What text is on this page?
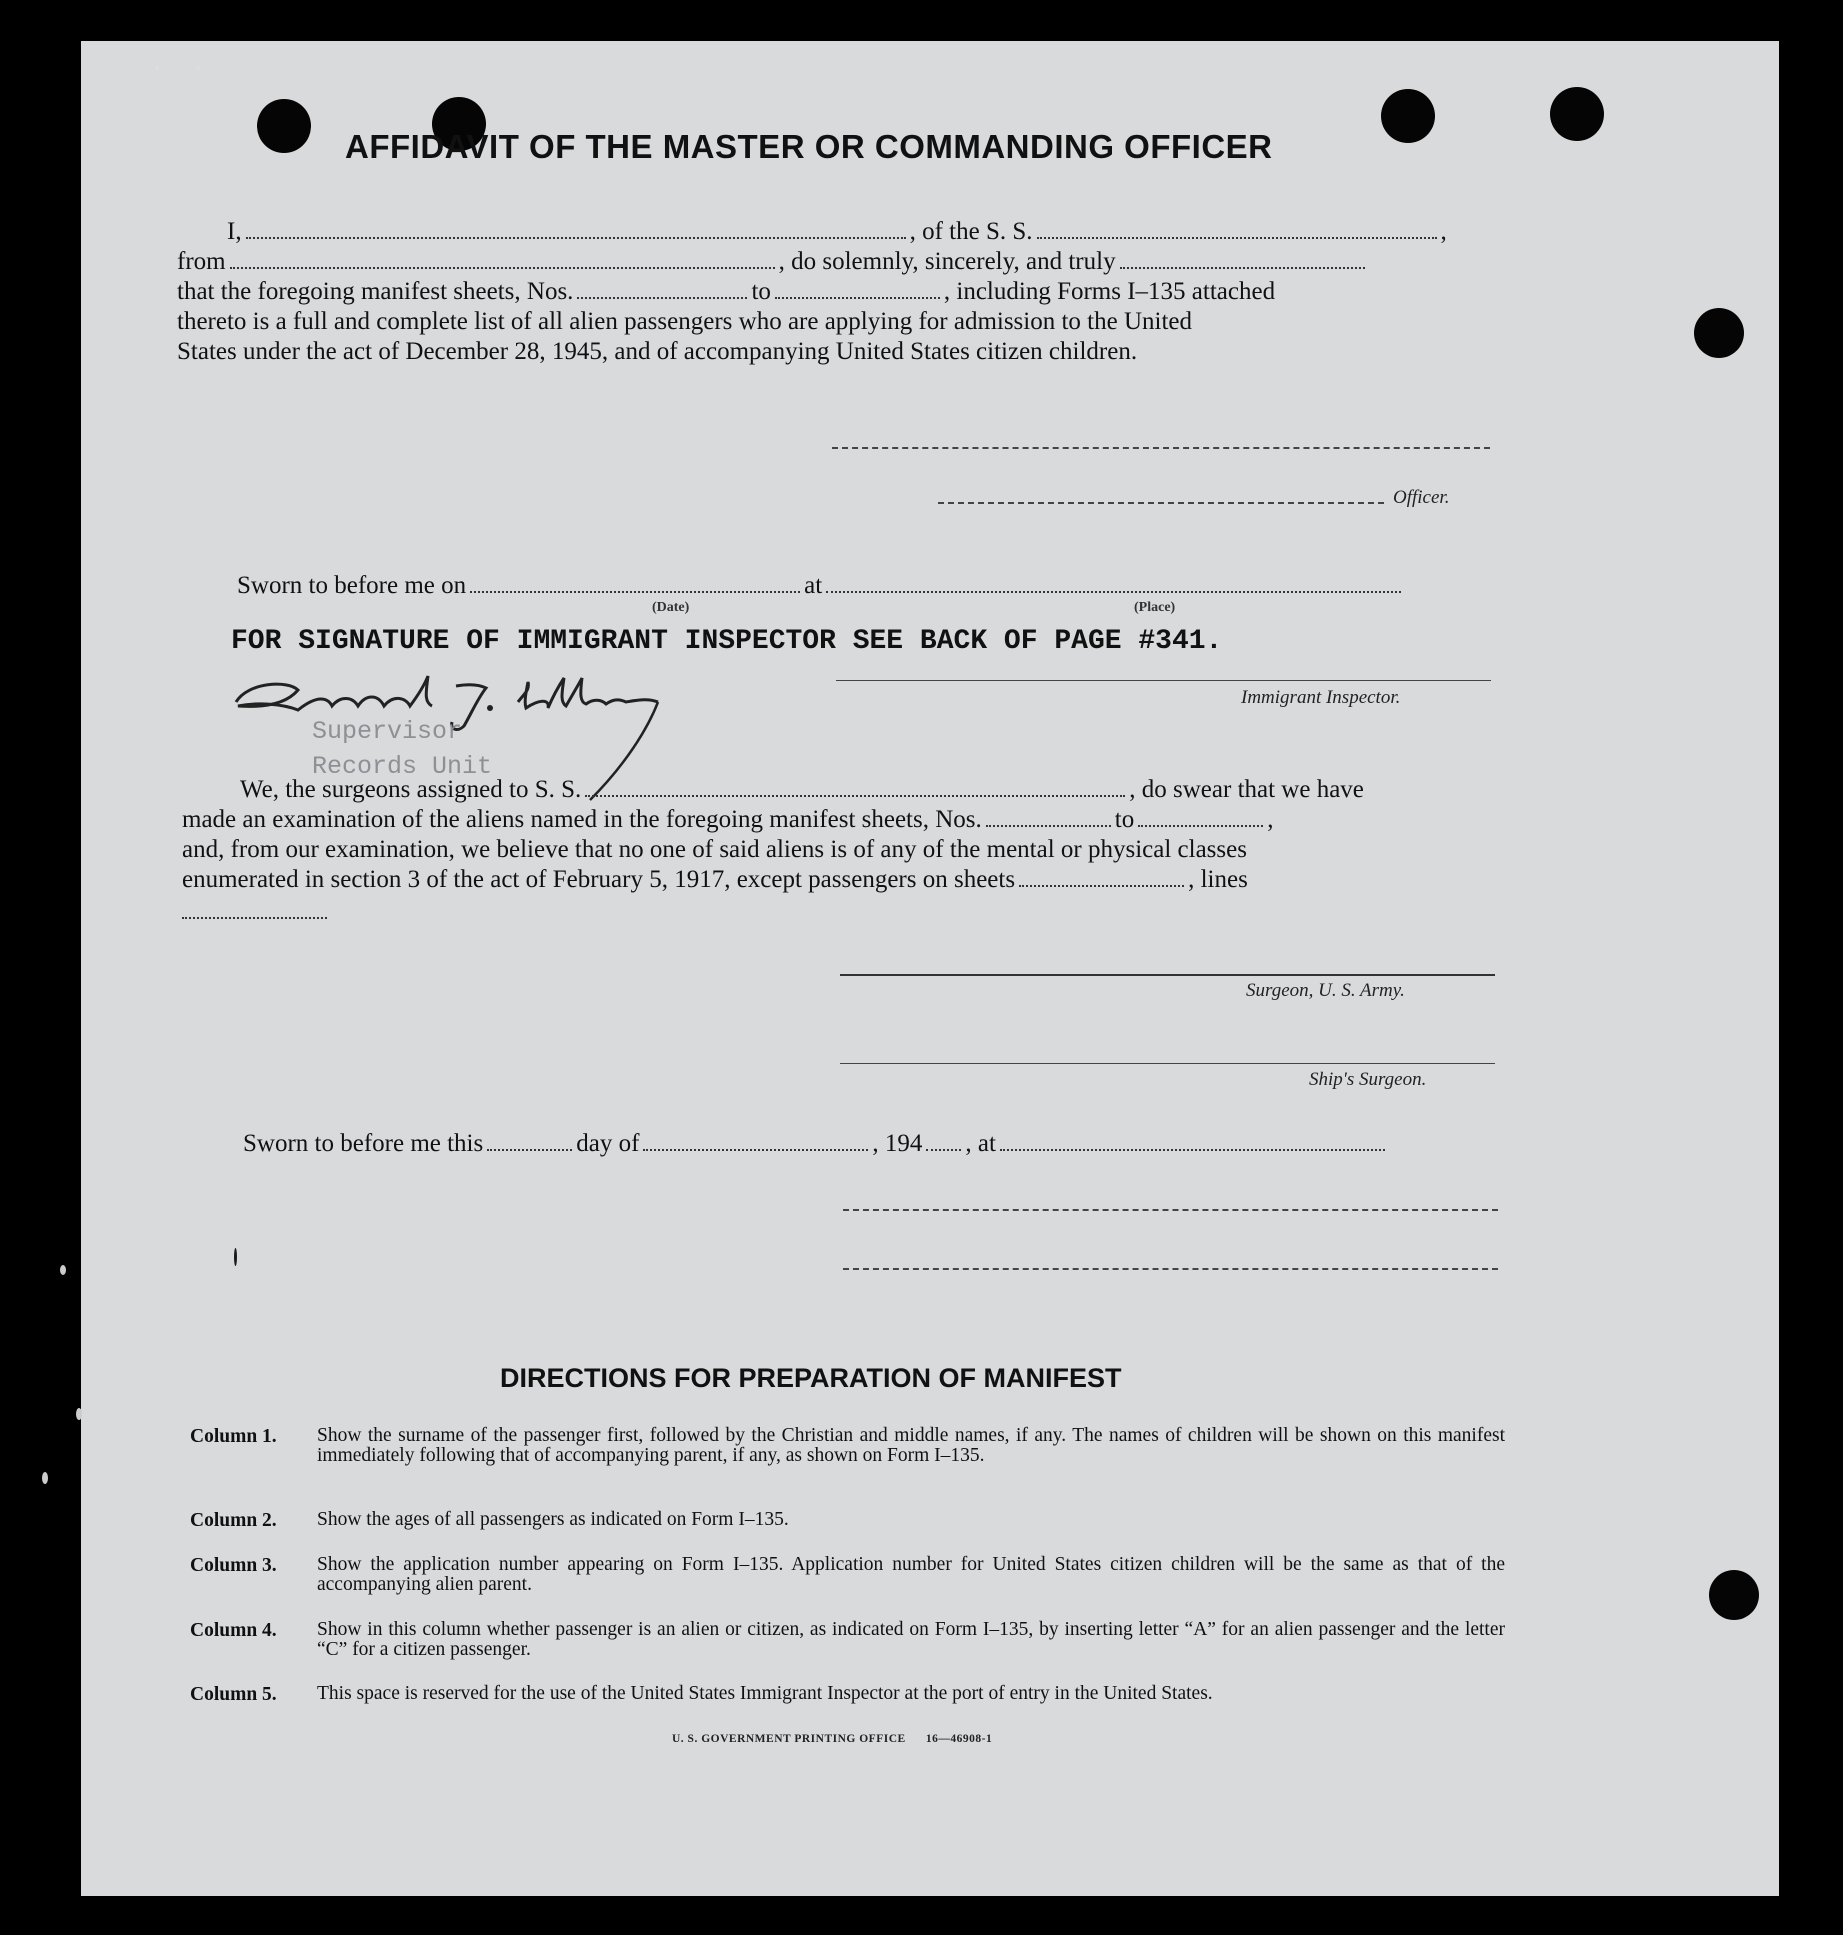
AFFIDAVIT OF THE MASTER OR COMMANDING OFFICER
I,	, of the S. S.	,
from	, do solemnly, sincerely, and truly
that the foregoing manifest sheets, Nos.	to	, including Forms I–135 attached
thereto is a full and complete list of all alien passengers who are applying for admission to the United
States under the act of December 28, 1945, and of accompanying United States citizen children.
Officer.
Sworn to before me on	at
(Date)	(Place)
FOR SIGNATURE OF IMMIGRANT INSPECTOR SEE BACK OF PAGE #341.
Immigrant Inspector.
Supervisor
Records Unit
We, the surgeons assigned to S. S.	, do swear that we have
made an examination of the aliens named in the foregoing manifest sheets, Nos.	to	,
and, from our examination, we believe that no one of said aliens is of any of the mental or physical classes
enumerated in section 3 of the act of February 5, 1917, except passengers on sheets	, lines
Surgeon, U. S. Army.
Ship's Surgeon.
Sworn to before me this	day of	, 194 , at
DIRECTIONS FOR PREPARATION OF MANIFEST
Column 1.	Show the surname of the passenger first, followed by the Christian and middle names, if any. The names of children will be shown on this manifest immediately following that of accompanying parent, if any, as shown on Form I–135.
Column 2.	Show the ages of all passengers as indicated on Form I–135.
Column 3.	Show the application number appearing on Form I–135. Application number for United States citizen children will be the same as that of the accompanying alien parent.
Column 4.	Show in this column whether passenger is an alien or citizen, as indicated on Form I–135, by inserting letter “A” for an alien passenger and the letter “C” for a citizen passenger.
Column 5.	This space is reserved for the use of the United States Immigrant Inspector at the port of entry in the United States.
U. S. GOVERNMENT PRINTING OFFICE      16—46908-1
